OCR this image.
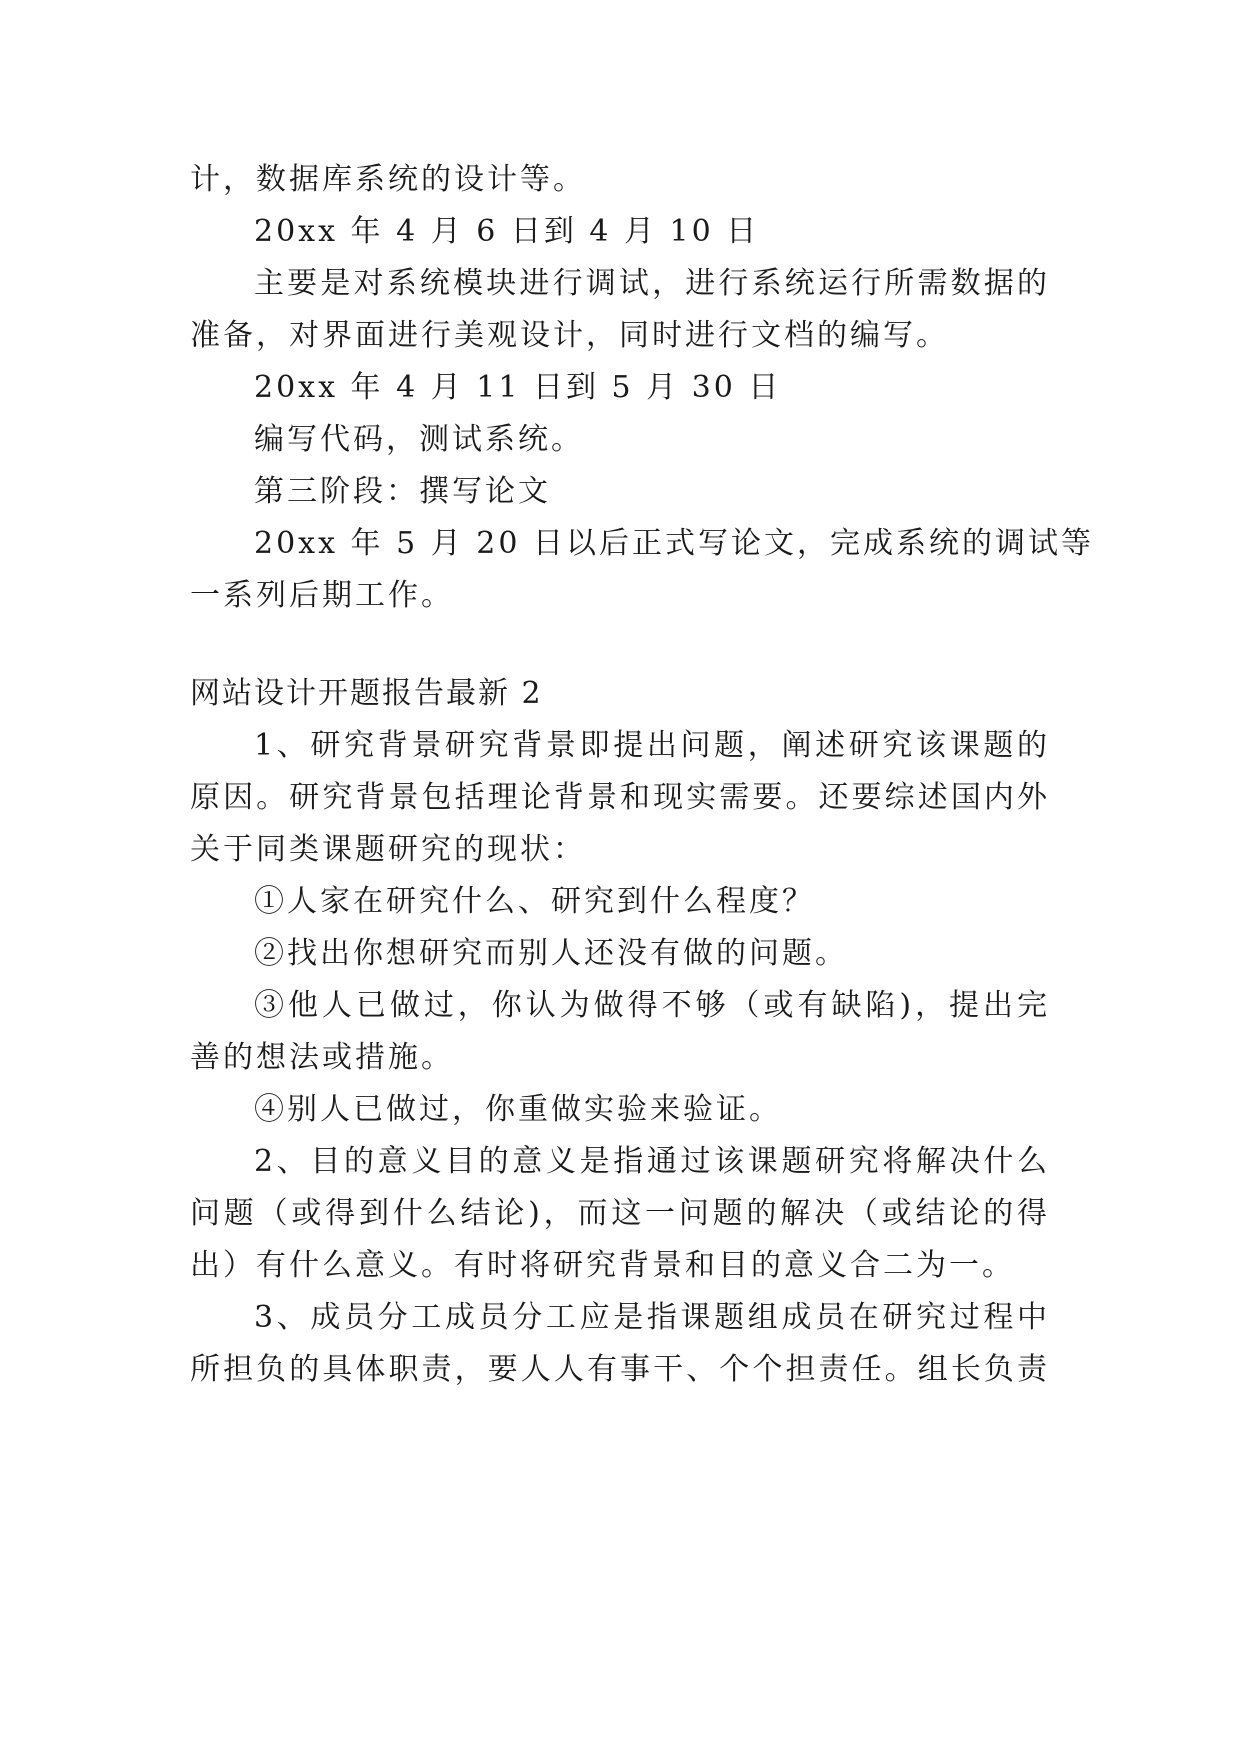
计，数据库系统的设计等。
20xx 年 4 月 6 日到 4 月 10 日
主要是对系统模块进行调试，进行系统运行所需数据的
准备，对界面进行美观设计，同时进行文档的编写。
20xx 年 4 月 11 日到 5 月 30 日
编写代码，测试系统。
第三阶段：撰写论文
20xx 年 5 月 20 日以后正式写论文，完成系统的调试等
一系列后期工作。
网站设计开题报告最新 2
1、研究背景研究背景即提出问题，阐述研究该课题的
原因。研究背景包括理论背景和现实需要。还要综述国内外
关于同类课题研究的现状：
①人家在研究什么、研究到什么程度？
②找出你想研究而别人还没有做的问题。
③他人已做过，你认为做得不够（或有缺陷)，提出完
善的想法或措施。
④别人已做过，你重做实验来验证。
2、目的意义目的意义是指通过该课题研究将解决什么
问题（或得到什么结论)，而这一问题的解决（或结论的得
出）有什么意义。有时将研究背景和目的意义合二为一。
3、成员分工成员分工应是指课题组成员在研究过程中
所担负的具体职责，要人人有事干、个个担责任。组长负责
